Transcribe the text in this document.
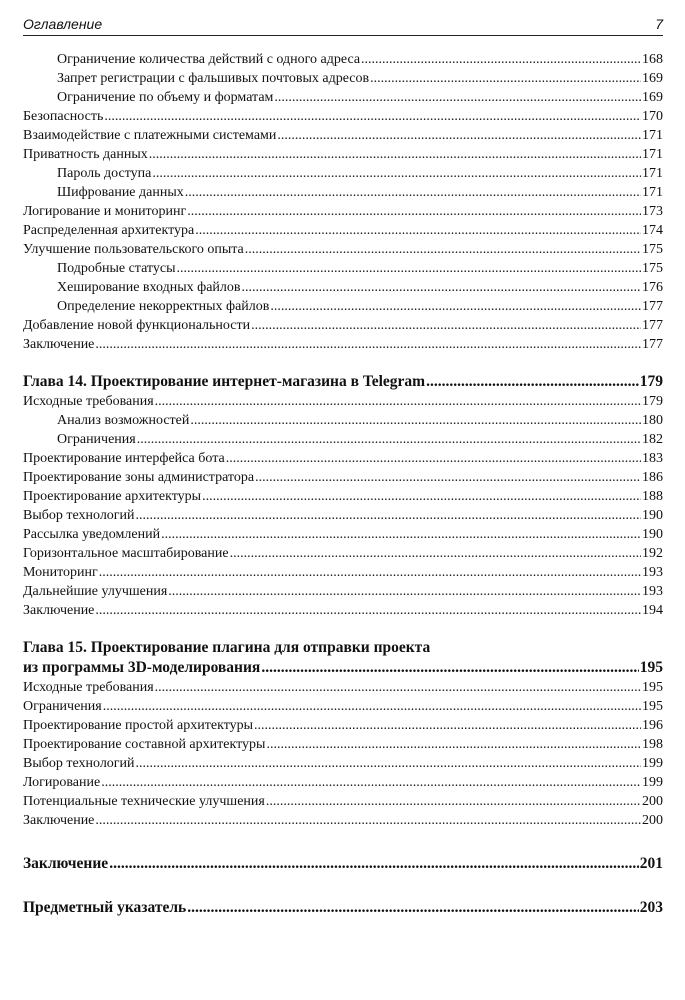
Оглавление	7
Ограничение количества действий с одного адреса .....	168
Запрет регистрации с фальшивых почтовых адресов .....	169
Ограничение по объему и форматам .....	169
Безопасность .....	170
Взаимодействие с платежными системами .....	171
Приватность данных .....	171
Пароль доступа .....	171
Шифрование данных .....	171
Логирование и мониторинг .....	173
Распределенная архитектура .....	174
Улучшение пользовательского опыта .....	175
Подробные статусы .....	175
Хеширование входных файлов .....	176
Определение некорректных файлов .....	177
Добавление новой функциональности .....	177
Заключение .....	177
Глава 14. Проектирование интернет-магазина в Telegram .....	179
Исходные требования .....	179
Анализ возможностей .....	180
Ограничения .....	182
Проектирование интерфейса бота .....	183
Проектирование зоны администратора .....	186
Проектирование архитектуры .....	188
Выбор технологий .....	190
Рассылка уведомлений .....	190
Горизонтальное масштабирование .....	192
Мониторинг .....	193
Дальнейшие улучшения .....	193
Заключение .....	194
Глава 15. Проектирование плагина для отправки проекта
из программы 3D-моделирования .....	195
Исходные требования .....	195
Ограничения .....	195
Проектирование простой архитектуры .....	196
Проектирование составной архитектуры .....	198
Выбор технологий .....	199
Логирование .....	199
Потенциальные технические улучшения .....	200
Заключение .....	200
Заключение .....	201
Предметный указатель .....	203
